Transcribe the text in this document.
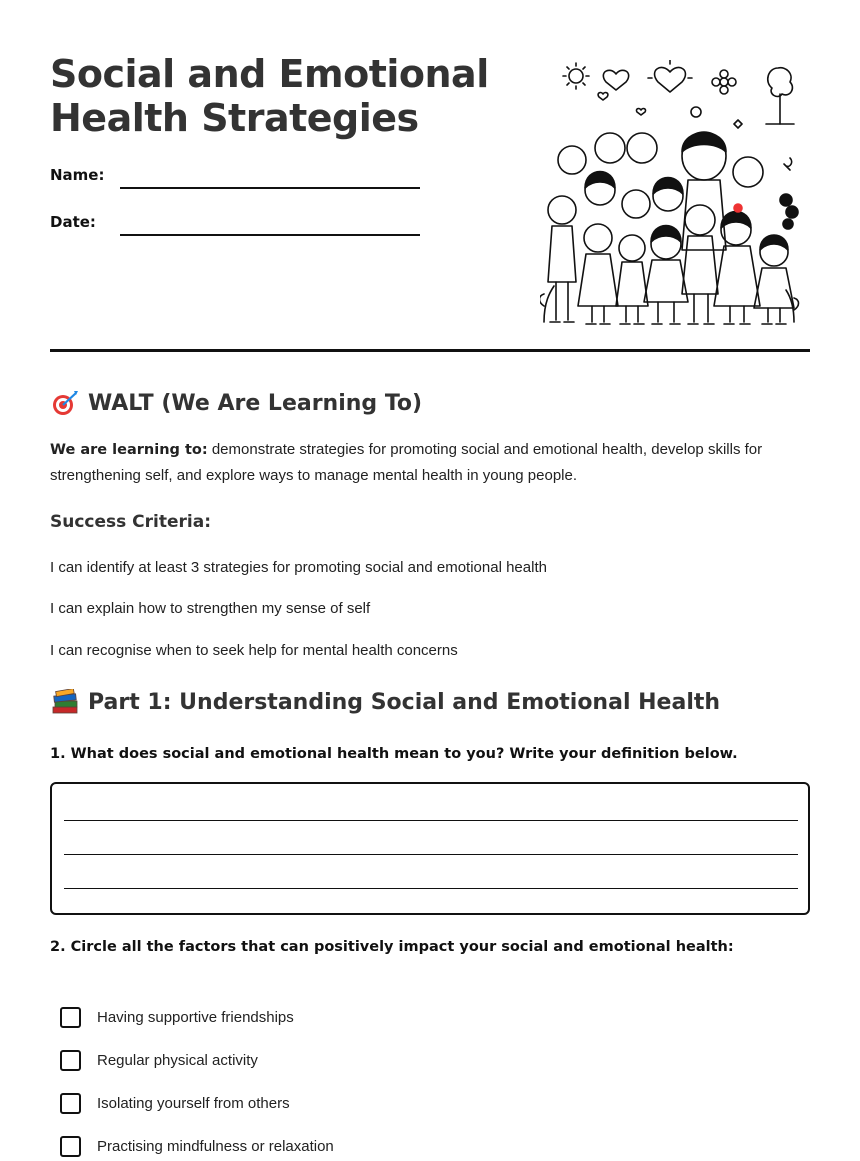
Social and Emotional
Health Strategies
Name:
Date:
WALT (We Are Learning To)
We are learning to: demonstrate strategies for promoting social and emotional health, develop skills for strengthening self, and explore ways to manage mental health in young people.
Success Criteria:
I can identify at least 3 strategies for promoting social and emotional health
I can explain how to strengthen my sense of self
I can recognise when to seek help for mental health concerns
Part 1: Understanding Social and Emotional Health
1. What does social and emotional health mean to you? Write your definition below.
2. Circle all the factors that can positively impact your social and emotional health:
Having supportive friendships
Regular physical activity
Isolating yourself from others
Practising mindfulness or relaxation
